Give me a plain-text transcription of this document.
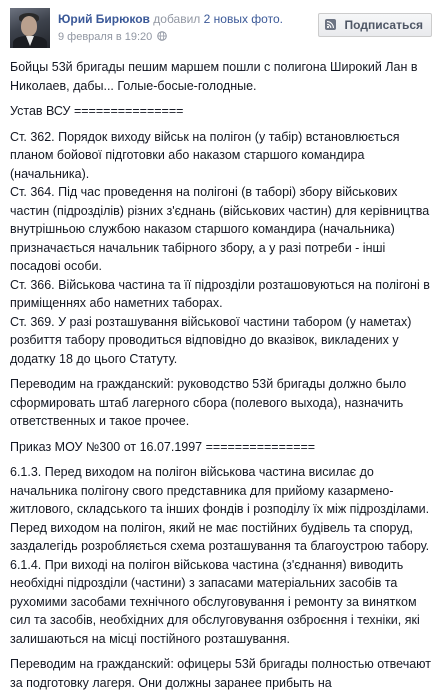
Юрий Бирюков добавил 2 новых фото.
9 февраля в 19:20
Подписаться

Бойцы 53й бригады пешим маршем пошли с полигона Широкий Лан в Николаев, дабы... Голые-босые-голодные.

Устав ВСУ ===============

Ст. 362. Порядок виходу військ на полігон (у табір) встановлюється планом бойової підготовки або наказом старшого командира (начальника).
Ст. 364. Під час проведення на полігоні (в таборі) збору військових частин (підрозділів) різних з'єднань (військових частин) для керівництва внутрішньою службою наказом старшого командира (начальника) призначається начальник табірного збору, а у разі потреби - інші посадові особи.
Ст. 366. Військова частина та її підрозділи розташовуються на полігоні в приміщеннях або наметних таборах.
Ст. 369. У разі розташування військової частини табором (у наметах) розбиття табору проводиться відповідно до вказівок, викладених у додатку 18 до цього Статуту.

Переводим на гражданский: руководство 53й бригады должно было сформировать штаб лагерного сбора (полевого выхода), назначить ответственных и такое прочее.

Приказ МОУ №300 от 16.07.1997 ===============

6.1.3. Перед виходом на полігон військова частина висилає до начальника полігону свого представника для прийому казармено-житлового, складського та інших фондів і розподілу їх між підрозділами.
Перед виходом на полігон, який не має постійних будівель та споруд, заздалегідь розробляється схема розташування та благоустрою табору.
6.1.4. При виході на полігон військова частина (з'єднання) виводить необхідні підрозділи (частини) з запасами матеріальних засобів та рухомими засобами технічного обслуговування і ремонту за винятком сил та засобів, необхідних для обслуговування озброєння і техніки, які залишаються на місці постійного розташування.

Переводим на гражданский: офицеры 53й бригады полностью отвечают за подготовку лагеря. Они должны заранее прибыть на
